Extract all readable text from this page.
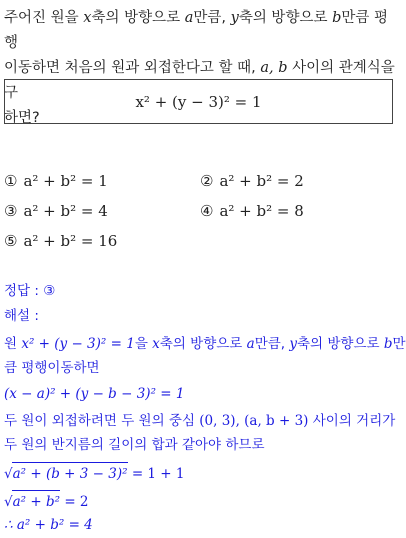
주어진 원을 x축의 방향으로 a만큼, y축의 방향으로 b만큼 평행
이동하면 처음의 원과 외접한다고 할 때, a, b 사이의 관계식을 구
하면?
x² + (y − 3)² = 1
① a² + b² = 1	② a² + b² = 2
③ a² + b² = 4	④ a² + b² = 8
⑤ a² + b² = 16
정답 : ③
해설 :
원 x² + (y − 3)² = 1을 x축의 방향으로 a만큼, y축의 방향으로 b만
큼 평행이동하면
(x − a)² + (y − b − 3)² = 1
두 원이 외접하려면 두 원의 중심 (0, 3), (a, b + 3) 사이의 거리가
두 원의 반지름의 길이의 합과 같아야 하므로
√a² + (b + 3 − 3)² = 1 + 1
√a² + b² = 2
∴ a² + b² = 4
